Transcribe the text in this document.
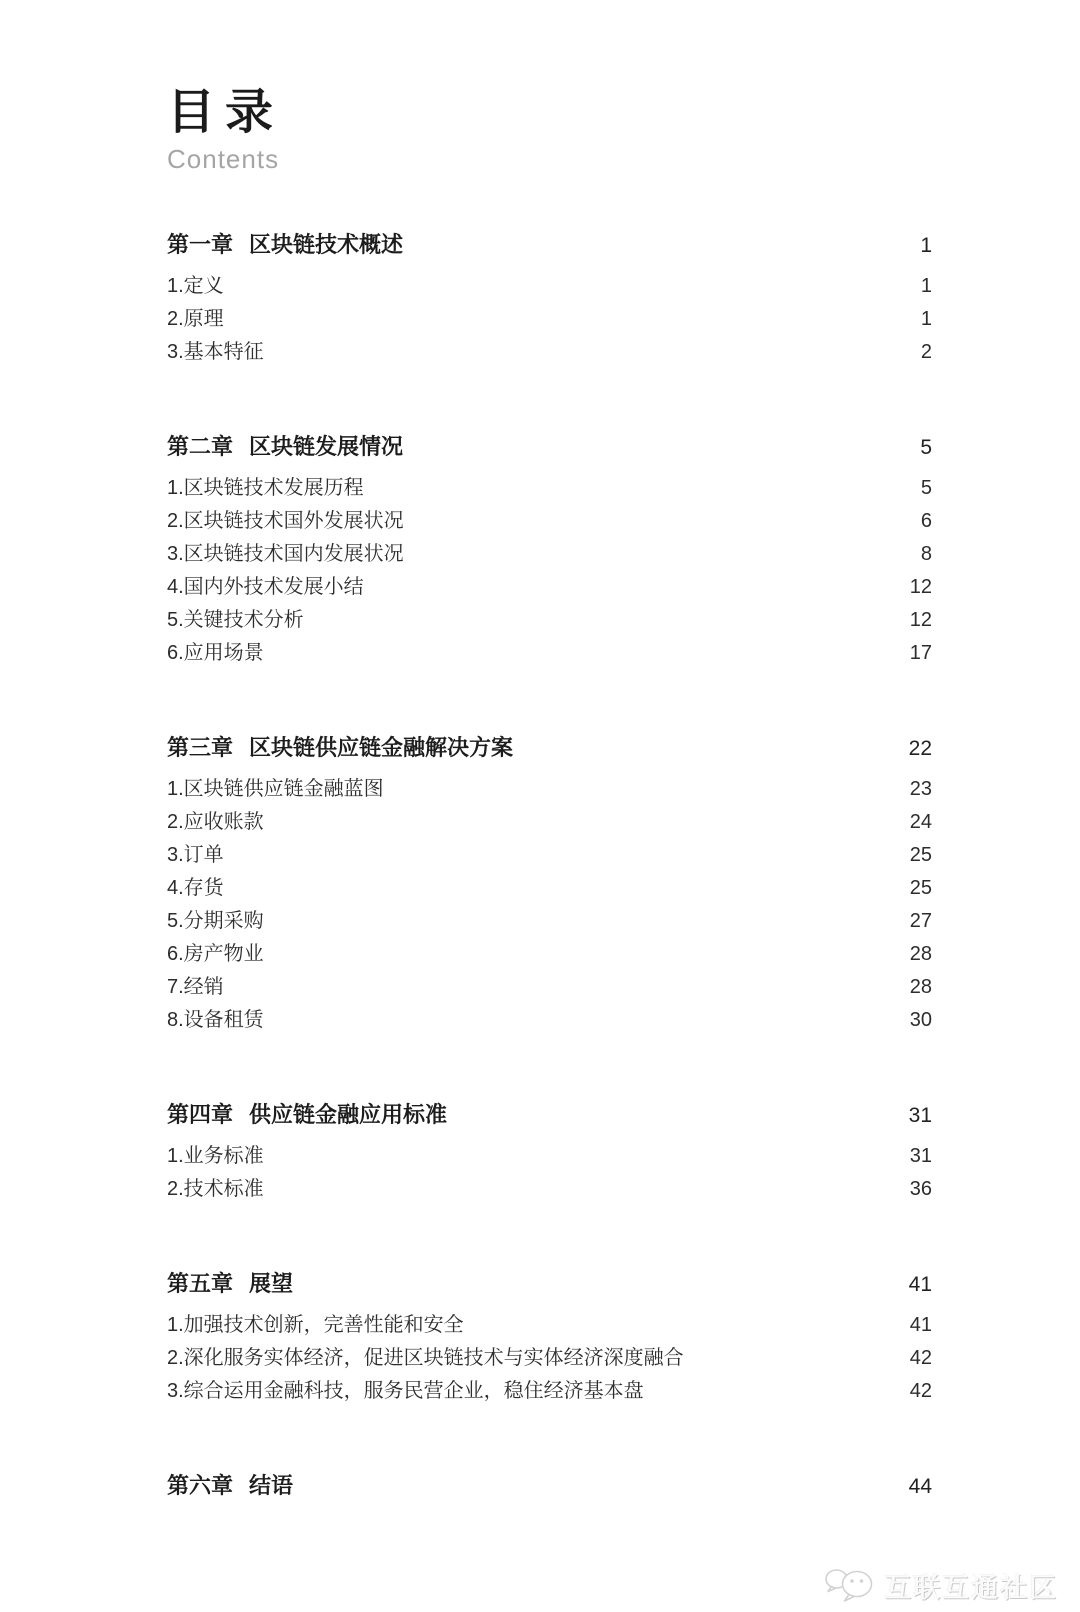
目录
Contents
第一章 区块链技术概述	1
1.定义	1
2.原理	1
3.基本特征	2
第二章 区块链发展情况	5
1.区块链技术发展历程	5
2.区块链技术国外发展状况	6
3.区块链技术国内发展状况	8
4.国内外技术发展小结	12
5.关键技术分析	12
6.应用场景	17
第三章 区块链供应链金融解决方案	22
1.区块链供应链金融蓝图	23
2.应收账款	24
3.订单	25
4.存货	25
5.分期采购	27
6.房产物业	28
7.经销	28
8.设备租赁	30
第四章 供应链金融应用标准	31
1.业务标准	31
2.技术标准	36
第五章 展望	41
1.加强技术创新，完善性能和安全	41
2.深化服务实体经济，促进区块链技术与实体经济深度融合	42
3.综合运用金融科技，服务民营企业，稳住经济基本盘	42
第六章 结语	44
互联互通社区
